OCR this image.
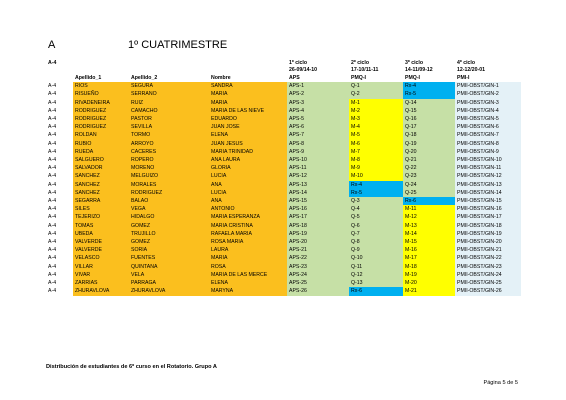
A	1º CUATRIMESTRE
A-4				1º ciclo	2º ciclo	3º ciclo	4º ciclo
				26-09/14-10	17-10/11-11	14-11/09-12	12-12/20-01
	Apellido_1	Apellido_2	Nombre	APS	PMQ-I	PMQ-I	PMI-I
A-4	RIOS	SEGURA	SANDRA	APS-1	Q-1	Rx-4	PMII-OBST/GIN-1
A-4	RISUEÑO	SERRANO	MARIA	APS-2	Q-2	Rx-5	PMII-OBST/GIN-2
A-4	RIVADENEIRA	RUIZ	MARIA	APS-3	M-1	Q-14	PMII-OBST/GIN-3
A-4	RODRIGUEZ	CAMACHO	MARIA DE LAS NIEVE	APS-4	M-2	Q-15	PMII-OBST/GIN-4
A-4	RODRIGUEZ	PASTOR	EDUARDO	APS-5	M-3	Q-16	PMII-OBST/GIN-5
A-4	RODRIGUEZ	SEVILLA	JUAN JOSE	APS-6	M-4	Q-17	PMII-OBST/GIN-6
A-4	ROLDAN	TORMO	ELENA	APS-7	M-5	Q-18	PMII-OBST/GIN-7
A-4	RUBIO	ARROYO	JUAN JESUS	APS-8	M-6	Q-19	PMII-OBST/GIN-8
A-4	RUEDA	CACERES	MARIA TRINIDAD	APS-9	M-7	Q-20	PMII-OBST/GIN-9
A-4	SALGUERO	ROPERO	ANA LAURA	APS-10	M-8	Q-21	PMII-OBST/GIN-10
A-4	SALVADOR	MORENO	GLORIA	APS-11	M-9	Q-22	PMII-OBST/GIN-11
A-4	SANCHEZ	MELGUIZO	LUCIA	APS-12	M-10	Q-23	PMII-OBST/GIN-12
A-4	SANCHEZ	MORALES	ANA	APS-13	Rx-4	Q-24	PMII-OBST/GIN-13
A-4	SANCHEZ	RODRIGUEZ	LUCIA	APS-14	Rx-5	Q-25	PMII-OBST/GIN-14
A-4	SEGARRA	BALAO	ANA	APS-15	Q-3	Rx-6	PMII-OBST/GIN-15
A-4	SILES	VEGA	ANTONIO	APS-16	Q-4	M-11	PMII-OBST/GIN-16
A-4	TEJERIZO	HIDALGO	MARIA ESPERANZA	APS-17	Q-5	M-12	PMII-OBST/GIN-17
A-4	TOMAS	GOMEZ	MARIA CRISTINA	APS-18	Q-6	M-13	PMII-OBST/GIN-18
A-4	UBEDA	TRUJILLO	RAFAELA MARIA	APS-19	Q-7	M-14	PMII-OBST/GIN-19
A-4	VALVERDE	GOMEZ	ROSA MARIA	APS-20	Q-8	M-15	PMII-OBST/GIN-20
A-4	VALVERDE	SORIA	LAURA	APS-21	Q-9	M-16	PMII-OBST/GIN-21
A-4	VELASCO	FUENTES	MARIA	APS-22	Q-10	M-17	PMII-OBST/GIN-22
A-4	VILLAR	QUINTANA	ROSA	APS-23	Q-11	M-18	PMII-OBST/GIN-23
A-4	VIVAR	VELA	MARIA DE LAS MERCE	APS-24	Q-12	M-19	PMII-OBST/GIN-24
A-4	ZARRIAS	PARRAGA	ELENA	APS-25	Q-13	M-20	PMII-OBST/GIN-25
A-4	ZHURAVLOVA	ZHURAVLOVA	MARYNA	APS-26	Rx-6	M-21	PMII-OBST/GIN-26
Distribución de estudiantes de 6º curso en el Rotatorio. Grupo A
Página 5 de 5
